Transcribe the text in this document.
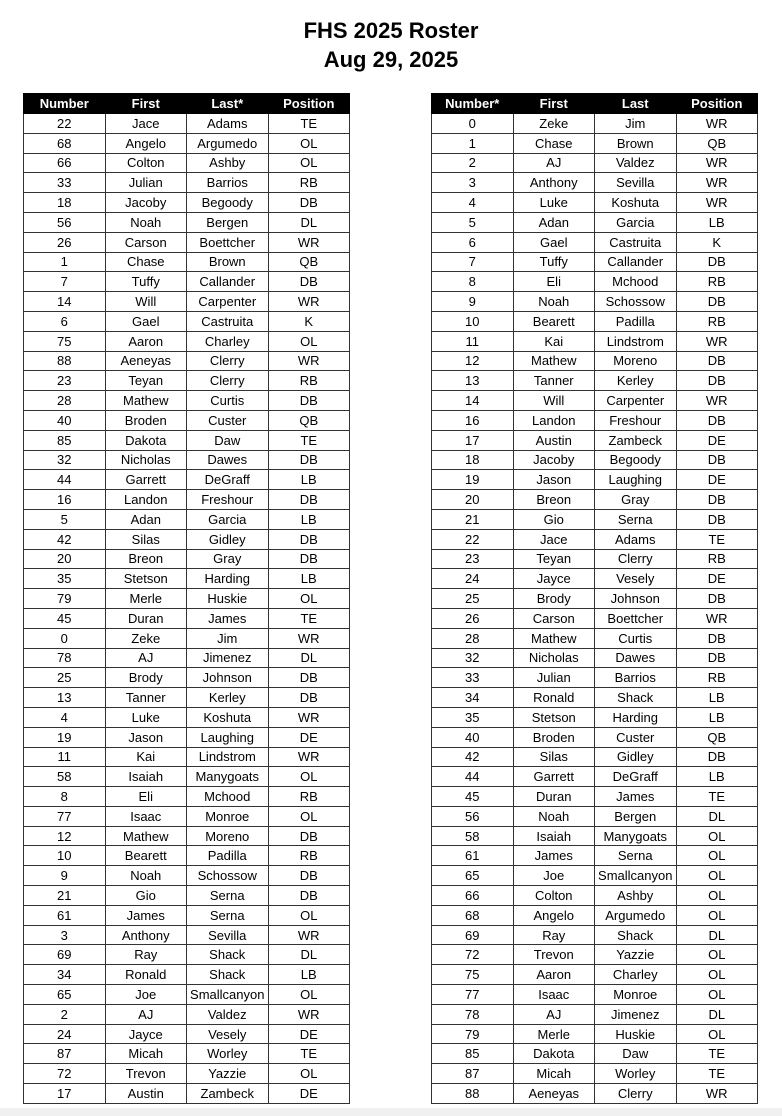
FHS 2025 Roster
Aug 29, 2025
Number	First	Last*	Position
22	Jace	Adams	TE
68	Angelo	Argumedo	OL
66	Colton	Ashby	OL
33	Julian	Barrios	RB
18	Jacoby	Begoody	DB
56	Noah	Bergen	DL
26	Carson	Boettcher	WR
1	Chase	Brown	QB
7	Tuffy	Callander	DB
14	Will	Carpenter	WR
6	Gael	Castruita	K
75	Aaron	Charley	OL
88	Aeneyas	Clerry	WR
23	Teyan	Clerry	RB
28	Mathew	Curtis	DB
40	Broden	Custer	QB
85	Dakota	Daw	TE
32	Nicholas	Dawes	DB
44	Garrett	DeGraff	LB
16	Landon	Freshour	DB
5	Adan	Garcia	LB
42	Silas	Gidley	DB
20	Breon	Gray	DB
35	Stetson	Harding	LB
79	Merle	Huskie	OL
45	Duran	James	TE
0	Zeke	Jim	WR
78	AJ	Jimenez	DL
25	Brody	Johnson	DB
13	Tanner	Kerley	DB
4	Luke	Koshuta	WR
19	Jason	Laughing	DE
11	Kai	Lindstrom	WR
58	Isaiah	Manygoats	OL
8	Eli	Mchood	RB
77	Isaac	Monroe	OL
12	Mathew	Moreno	DB
10	Bearett	Padilla	RB
9	Noah	Schossow	DB
21	Gio	Serna	DB
61	James	Serna	OL
3	Anthony	Sevilla	WR
69	Ray	Shack	DL
34	Ronald	Shack	LB
65	Joe	Smallcanyon	OL
2	AJ	Valdez	WR
24	Jayce	Vesely	DE
87	Micah	Worley	TE
72	Trevon	Yazzie	OL
17	Austin	Zambeck	DE
Number*	First	Last	Position
0	Zeke	Jim	WR
1	Chase	Brown	QB
2	AJ	Valdez	WR
3	Anthony	Sevilla	WR
4	Luke	Koshuta	WR
5	Adan	Garcia	LB
6	Gael	Castruita	K
7	Tuffy	Callander	DB
8	Eli	Mchood	RB
9	Noah	Schossow	DB
10	Bearett	Padilla	RB
11	Kai	Lindstrom	WR
12	Mathew	Moreno	DB
13	Tanner	Kerley	DB
14	Will	Carpenter	WR
16	Landon	Freshour	DB
17	Austin	Zambeck	DE
18	Jacoby	Begoody	DB
19	Jason	Laughing	DE
20	Breon	Gray	DB
21	Gio	Serna	DB
22	Jace	Adams	TE
23	Teyan	Clerry	RB
24	Jayce	Vesely	DE
25	Brody	Johnson	DB
26	Carson	Boettcher	WR
28	Mathew	Curtis	DB
32	Nicholas	Dawes	DB
33	Julian	Barrios	RB
34	Ronald	Shack	LB
35	Stetson	Harding	LB
40	Broden	Custer	QB
42	Silas	Gidley	DB
44	Garrett	DeGraff	LB
45	Duran	James	TE
56	Noah	Bergen	DL
58	Isaiah	Manygoats	OL
61	James	Serna	OL
65	Joe	Smallcanyon	OL
66	Colton	Ashby	OL
68	Angelo	Argumedo	OL
69	Ray	Shack	DL
72	Trevon	Yazzie	OL
75	Aaron	Charley	OL
77	Isaac	Monroe	OL
78	AJ	Jimenez	DL
79	Merle	Huskie	OL
85	Dakota	Daw	TE
87	Micah	Worley	TE
88	Aeneyas	Clerry	WR
